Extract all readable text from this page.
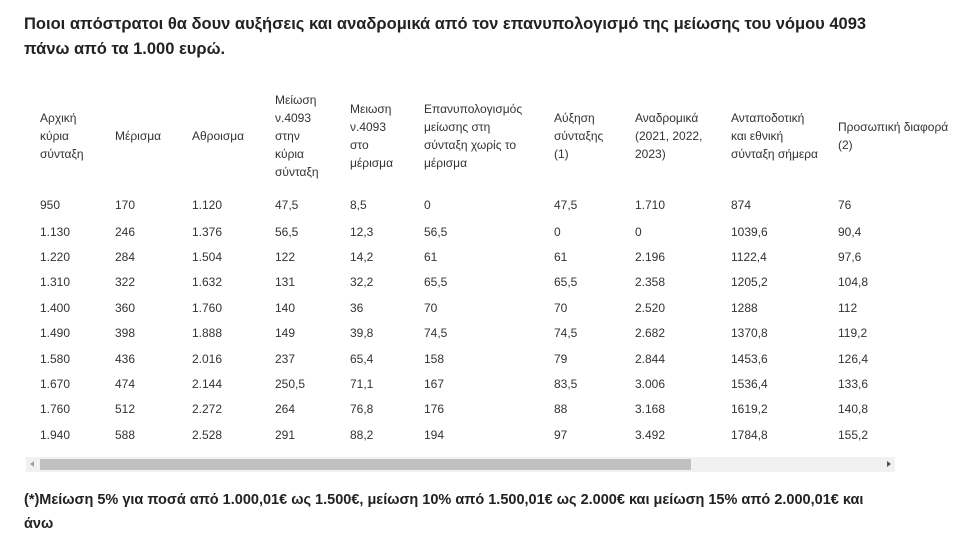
Ποιοι απόστρατοι θα δουν αυξήσεις και αναδρομικά από τον επανυπολογισμό της μείωσης του νόμου 4093 πάνω από τα 1.000 ευρώ.
Αρχική κύρια σύνταξη	Μέρισμα	Αθροισμα	Μείωση ν.4093 στην κύρια σύνταξη	Μειωση ν.4093 στο μέρισμα	Επανυπολογισμός μείωσης στη σύνταξη χωρίς το μέρισμα	Αύξηση σύνταξης (1)	Αναδρομικά (2021, 2022, 2023)	Ανταποδοτική και εθνική σύνταξη σήμερα	Προσωπική διαφορά (2)
950	170	1.120	47,5	8,5	0	47,5	1.710	874	76
1.130	246	1.376	56,5	12,3	56,5	0	0	1039,6	90,4
1.220	284	1.504	122	14,2	61	61	2.196	1122,4	97,6
1.310	322	1.632	131	32,2	65,5	65,5	2.358	1205,2	104,8
1.400	360	1.760	140	36	70	70	2.520	1288	112
1.490	398	1.888	149	39,8	74,5	74,5	2.682	1370,8	119,2
1.580	436	2.016	237	65,4	158	79	2.844	1453,6	126,4
1.670	474	2.144	250,5	71,1	167	83,5	3.006	1536,4	133,6
1.760	512	2.272	264	76,8	176	88	3.168	1619,2	140,8
1.940	588	2.528	291	88,2	194	97	3.492	1784,8	155,2

(*)Μείωση 5% για ποσά από 1.000,01€ ως 1.500€, μείωση 10% από 1.500,01€ ως 2.000€ και μείωση 15% από 2.000,01€ και άνω
